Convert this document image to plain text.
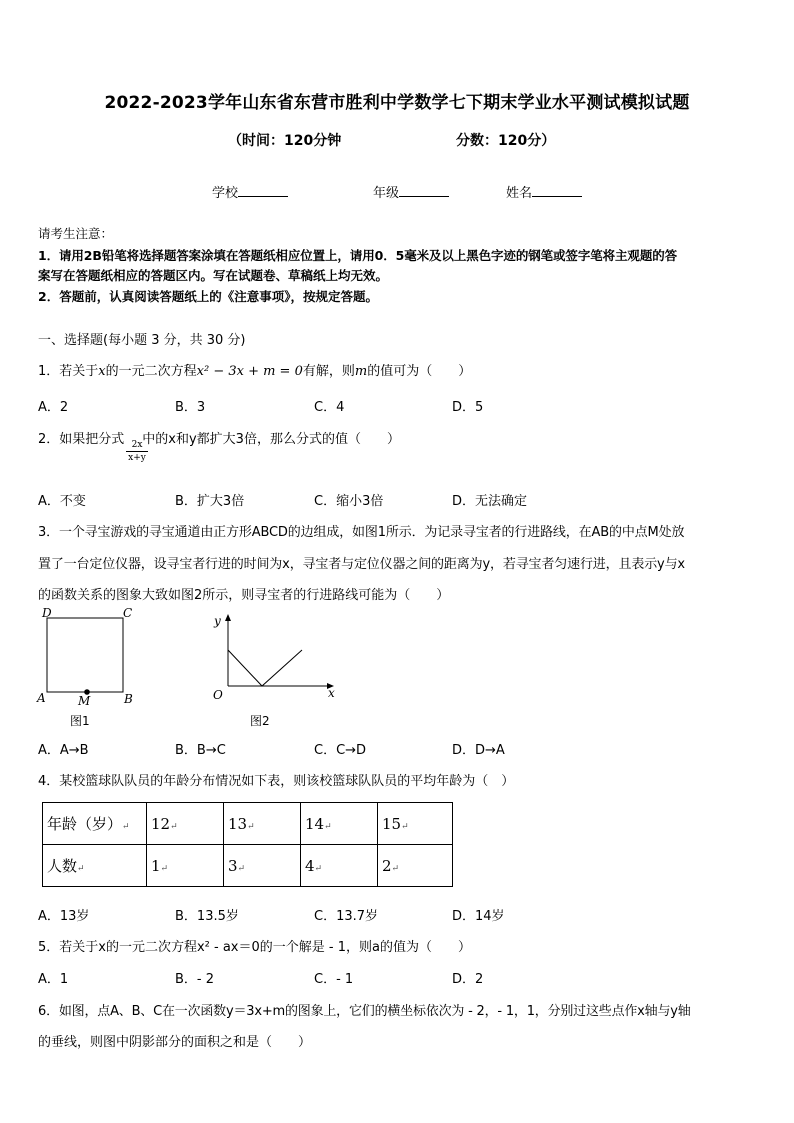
2022-2023学年山东省东营市胜利中学数学七下期末学业水平测试模拟试题
（时间：120分钟	分数：120分）
学校	年级	姓名
请考生注意：
1．请用2B铅笔将选择题答案涂填在答题纸相应位置上，请用0．5毫米及以上黑色字迹的钢笔或签字笔将主观题的答
案写在答题纸相应的答题区内。写在试题卷、草稿纸上均无效。
2．答题前，认真阅读答题纸上的《注意事项》，按规定答题。
一、选择题(每小题 3 分，共 30 分)
1．若关于x的一元二次方程x² − 3x + m = 0有解，则m的值可为（　　）
A．2	B．3	C．4	D．5
2．如果把分式 中的x和y都扩大3倍，那么分式的值（　　）
2x
x+y
A．不变	B．扩大3倍	C．缩小3倍	D．无法确定
3．一个寻宝游戏的寻宝通道由正方形ABCD的边组成，如图1所示．为记录寻宝者的行进路线，在AB的中点M处放
置了一台定位仪器，设寻宝者行进的时间为x，寻宝者与定位仪器之间的距离为y，若寻宝者匀速行进，且表示y与x
的函数关系的图象大致如图2所示，则寻宝者的行进路线可能为（　　）
D	C
A	B
M
图1
y
x
O
图2
A．A→B	B．B→C	C．C→D	D．D→A
4．某校篮球队队员的年龄分布情况如下表，则该校篮球队队员的平均年龄为（　）
年龄（岁）↵	12↵	13↵	14↵	15↵
人数↵	1↵	3↵	4↵	2↵
A．13岁	B．13.5岁	C．13.7岁	D．14岁
5．若关于x的一元二次方程x² - ax＝0的一个解是 - 1，则a的值为（　　）
A．1	B．- 2	C．- 1	D．2
6．如图，点A、B、C在一次函数y＝3x+m的图象上，它们的横坐标依次为 - 2，- 1，1，分别过这些点作x轴与y轴
的垂线，则图中阴影部分的面积之和是（　　）
